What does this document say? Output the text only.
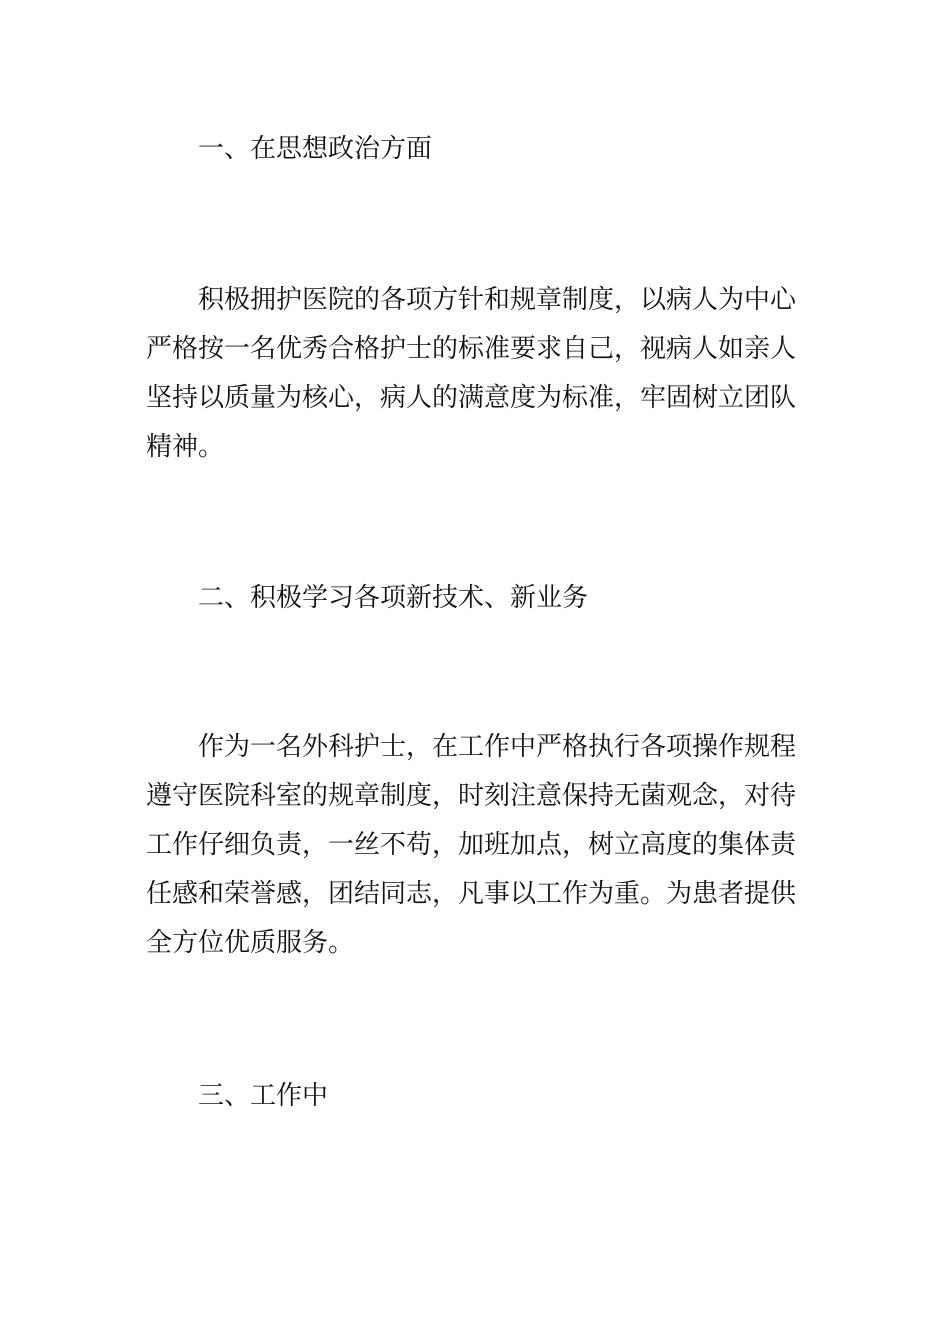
一、在思想政治方面
积极拥护医院的各项方针和规章制度，以病人为中心
严格按一名优秀合格护士的标准要求自己，视病人如亲人
坚持以质量为核心，病人的满意度为标准，牢固树立团队
精神。
二、积极学习各项新技术、新业务
作为一名外科护士，在工作中严格执行各项操作规程
遵守医院科室的规章制度，时刻注意保持无菌观念，对待
工作仔细负责，一丝不苟，加班加点，树立高度的集体责
任感和荣誉感，团结同志，凡事以工作为重。为患者提供
全方位优质服务。
三、工作中
